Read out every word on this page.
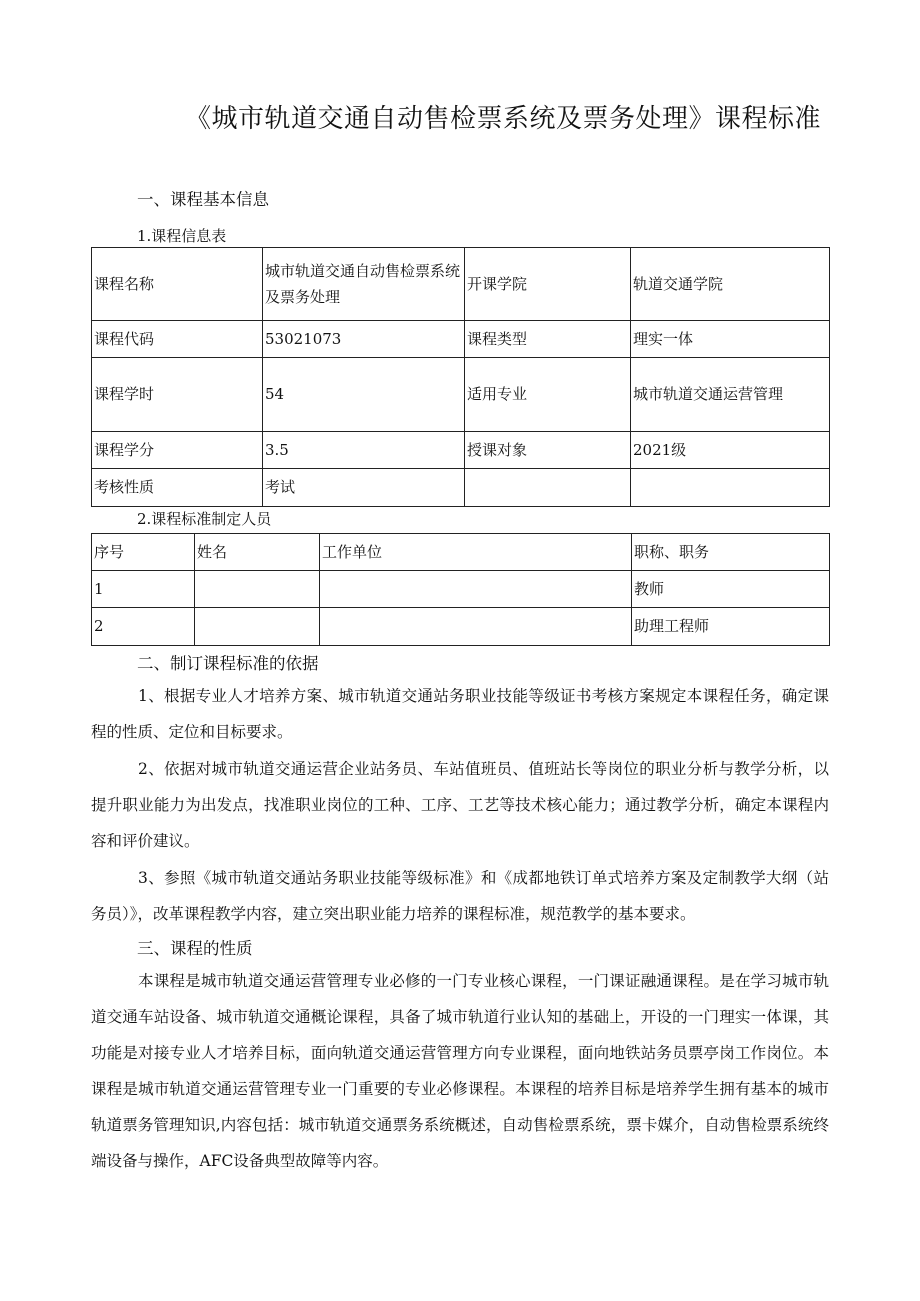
《城市轨道交通自动售检票系统及票务处理》课程标准
一、课程基本信息
1.课程信息表
课程名称	城市轨道交通自动售检票系统及票务处理	开课学院	轨道交通学院
课程代码	53021073	课程类型	理实一体
课程学时	54	适用专业	城市轨道交通运营管理
课程学分	3.5	授课对象	2021级
考核性质	考试		
2.课程标准制定人员
序号	姓名	工作单位	职称、职务
1			教师
2			助理工程师
二、制订课程标准的依据

1、根据专业人才培养方案、城市轨道交通站务职业技能等级证书考核方案规定本课程任务，确定课程的性质、定位和目标要求。

2、依据对城市轨道交通运营企业站务员、车站值班员、值班站长等岗位的职业分析与教学分析，以提升职业能力为出发点，找准职业岗位的工种、工序、工艺等技术核心能力；通过教学分析，确定本课程内容和评价建议。

3、参照《城市轨道交通站务职业技能等级标准》和《成都地铁订单式培养方案及定制教学大纲（站务员）》，改革课程教学内容，建立突出职业能力培养的课程标准，规范教学的基本要求。

三、课程的性质

本课程是城市轨道交通运营管理专业必修的一门专业核心课程，一门课证融通课程。是在学习城市轨道交通车站设备、城市轨道交通概论课程，具备了城市轨道行业认知的基础上，开设的一门理实一体课，其功能是对接专业人才培养目标，面向轨道交通运营管理方向专业课程，面向地铁站务员票亭岗工作岗位。本课程是城市轨道交通运营管理专业一门重要的专业必修课程。本课程的培养目标是培养学生拥有基本的城市轨道票务管理知识,内容包括：城市轨道交通票务系统概述，自动售检票系统，票卡媒介，自动售检票系统终端设备与操作，AFC设备典型故障等内容。
